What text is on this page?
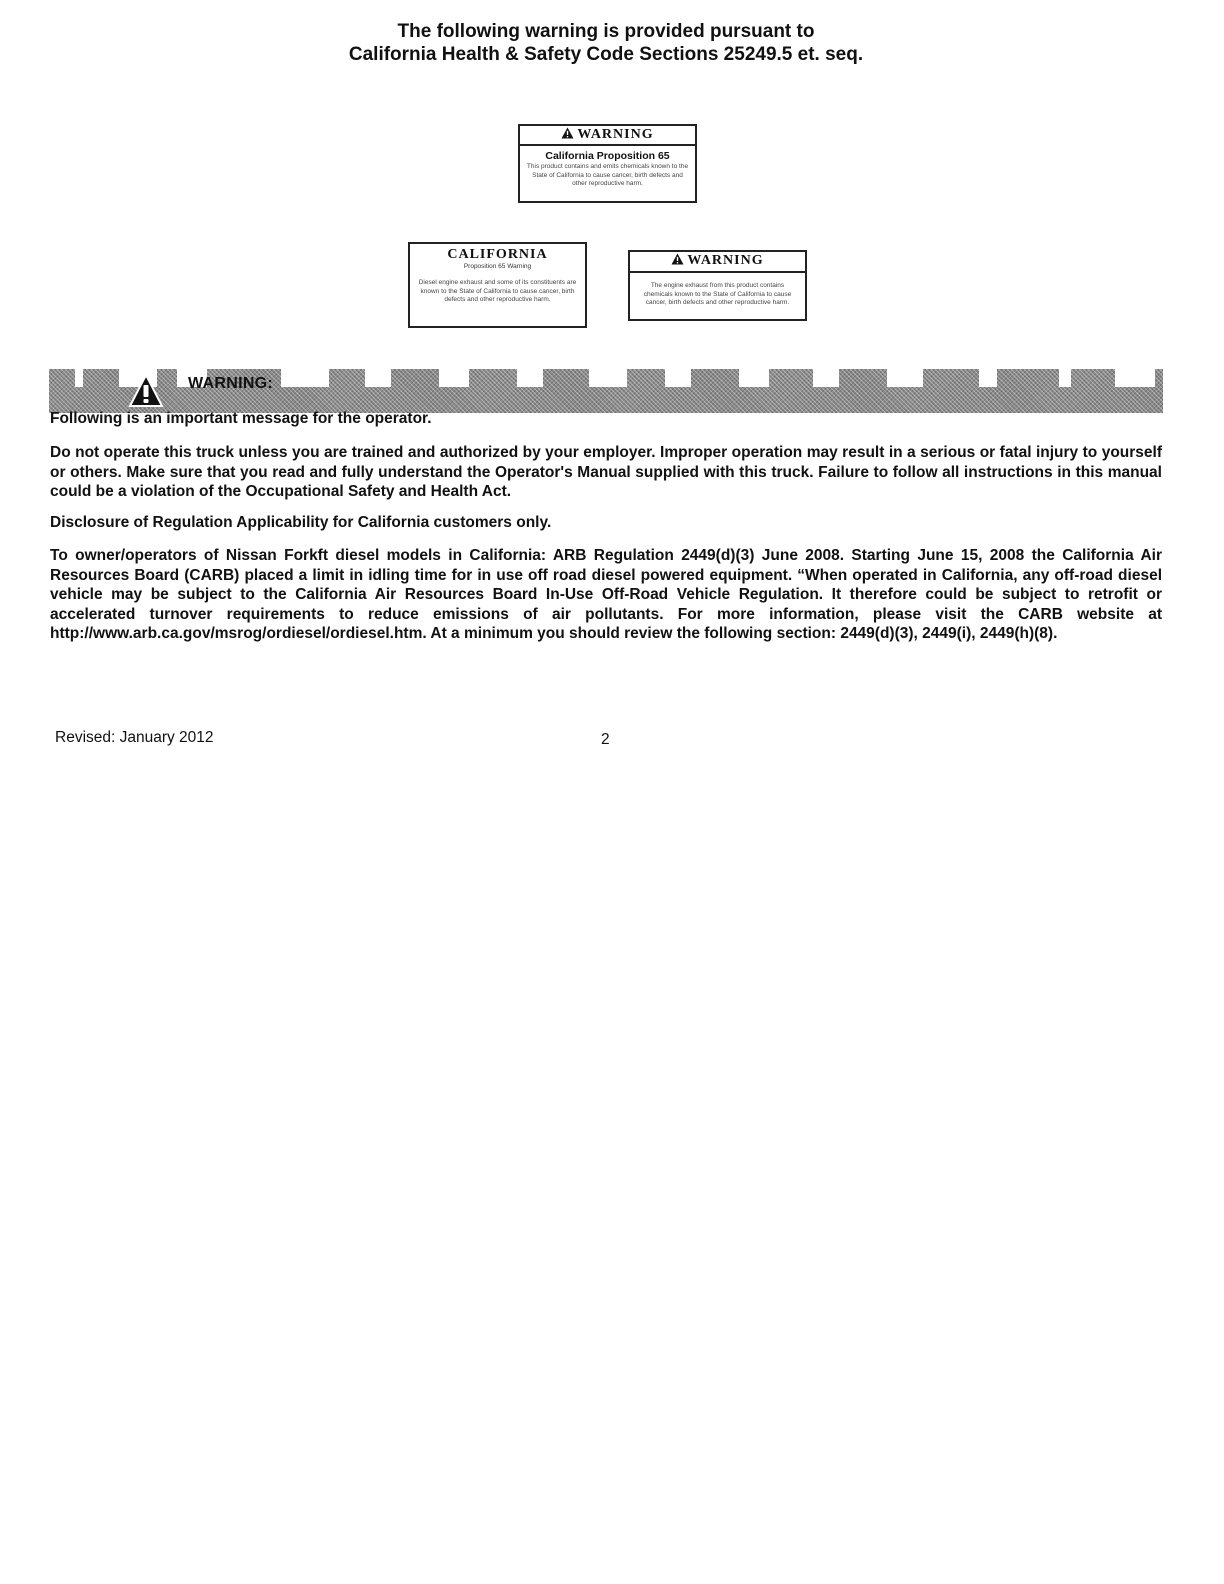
The following warning is provided pursuant to
California Health & Safety Code Sections 25249.5 et. seq.
WARNING
California Proposition 65
This product contains and emits chemicals known to the State of California to cause cancer, birth defects and other reproductive harm.
CALIFORNIA
Proposition 65 Warning
Diesel engine exhaust and some of its constituents are known to the State of California to cause cancer, birth defects and other reproductive harm.
WARNING
The engine exhaust from this product contains chemicals known to the State of California to cause cancer, birth defects and other reproductive harm.
WARNING:

Following is an important message for the operator.

Do not operate this truck unless you are trained and authorized by your employer. Improper operation may result in a serious or fatal injury to yourself or others. Make sure that you read and fully understand the Operator's Manual supplied with this truck. Failure to follow all instructions in this manual could be a violation of the Occupational Safety and Health Act.

Disclosure of Regulation Applicability for California customers only.

To owner/operators of Nissan Forkft diesel models in California: ARB Regulation 2449(d)(3) June 2008. Starting June 15, 2008 the California Air Resources Board (CARB) placed a limit in idling time for in use off road diesel powered equipment. “When operated in California, any off-road diesel vehicle may be subject to the California Air Resources Board In-Use Off-Road Vehicle Regulation. It therefore could be subject to retrofit or accelerated turnover requirements to reduce emissions of air pollutants. For more information, please visit the CARB website at http://www.arb.ca.gov/msrog/ordiesel/ordiesel.htm. At a minimum you should review the following section: 2449(d)(3), 2449(i), 2449(h)(8).

Revised: January 2012	2
